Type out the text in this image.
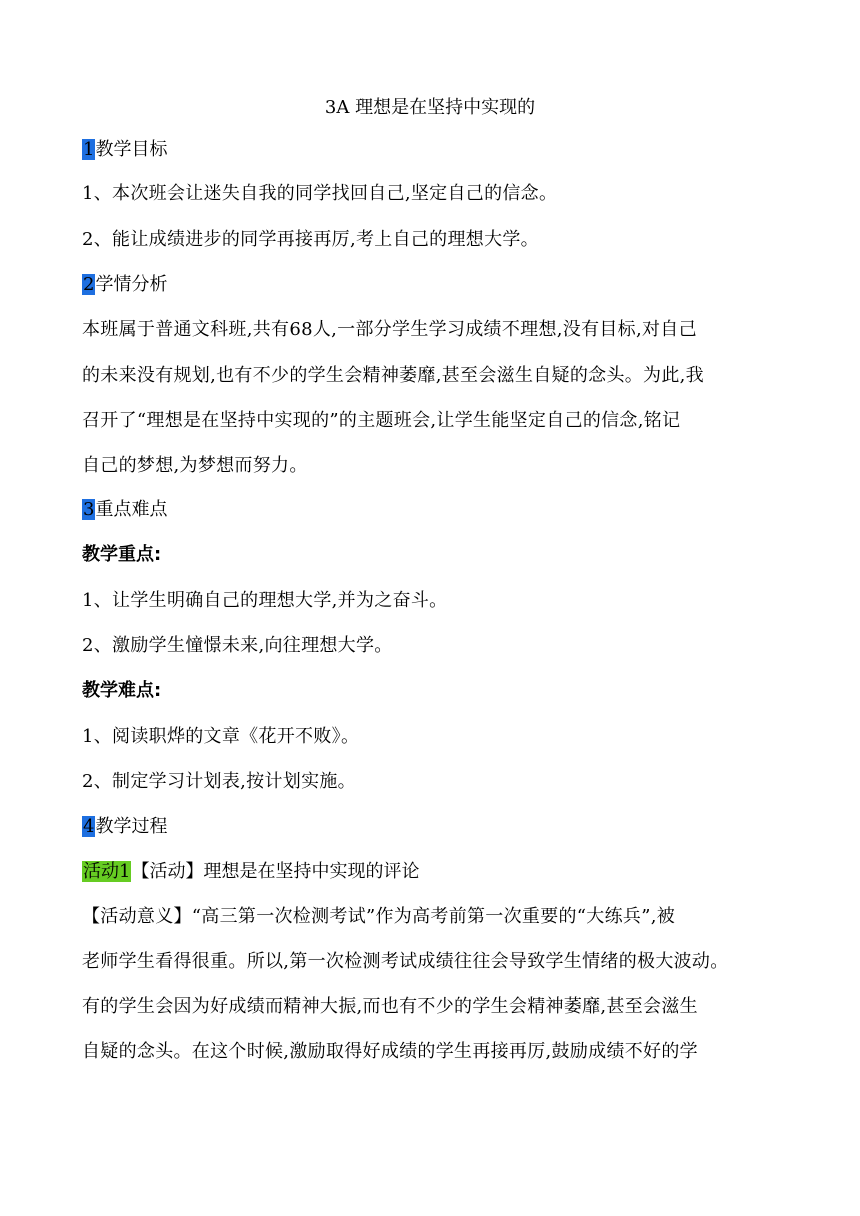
3A 理想是在坚持中实现的
1教学目标
1、本次班会让迷失自我的同学找回自己,坚定自己的信念。
2、能让成绩进步的同学再接再厉,考上自己的理想大学。
2学情分析
本班属于普通文科班,共有68人,一部分学生学习成绩不理想,没有目标,对自己
的未来没有规划,也有不少的学生会精神萎靡,甚至会滋生自疑的念头。为此,我
召开了“理想是在坚持中实现的”的主题班会,让学生能坚定自己的信念,铭记
自己的梦想,为梦想而努力。
3重点难点
教学重点:
1、让学生明确自己的理想大学,并为之奋斗。
2、激励学生憧憬未来,向往理想大学。
教学难点:
1、阅读职烨的文章《花开不败》。
2、制定学习计划表,按计划实施。
4教学过程
活动1【活动】理想是在坚持中实现的评论
【活动意义】“高三第一次检测考试”作为高考前第一次重要的“大练兵”,被
老师学生看得很重。所以,第一次检测考试成绩往往会导致学生情绪的极大波动。
有的学生会因为好成绩而精神大振,而也有不少的学生会精神萎靡,甚至会滋生
自疑的念头。在这个时候,激励取得好成绩的学生再接再厉,鼓励成绩不好的学
